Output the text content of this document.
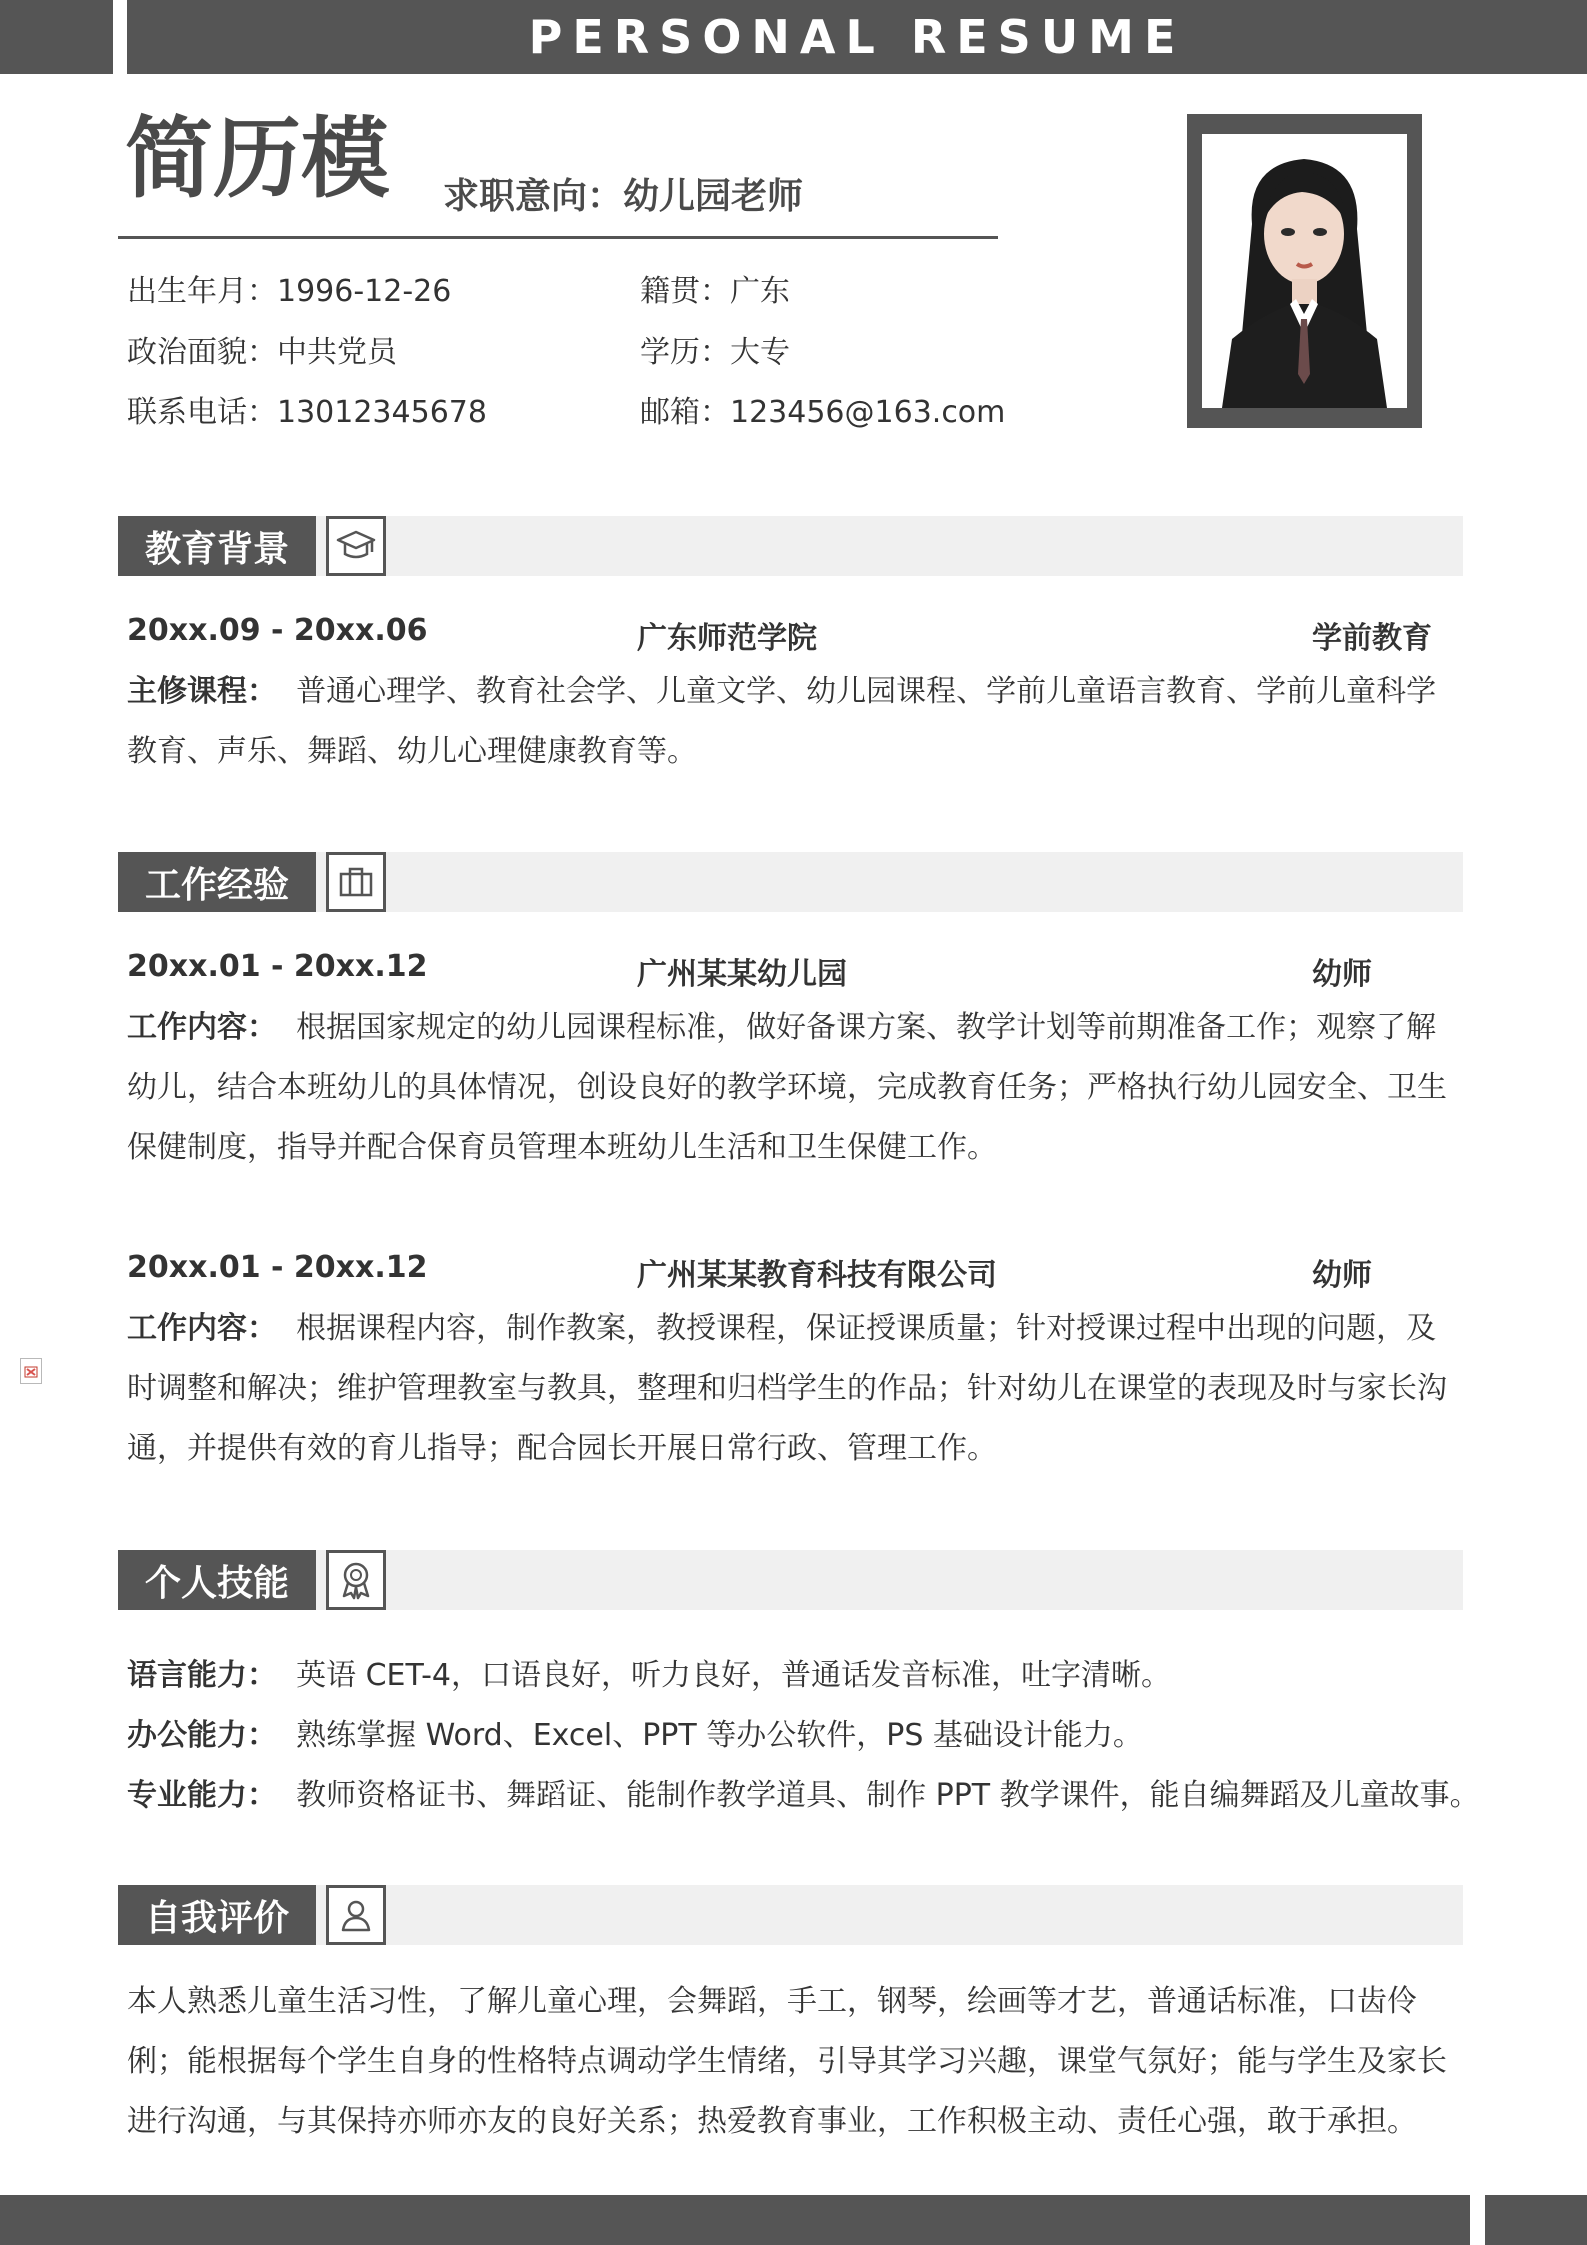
PERSONAL RESUME
简历模 求职意向：幼儿园老师
出生年月：1996-12-26	籍贯：广东
政治面貌：中共党员	学历：大专
联系电话：13012345678	邮箱：123456@163.com
教育背景
20xx.09 - 20xx.06	广东师范学院	学前教育
主修课程： 普通心理学、教育社会学、儿童文学、幼儿园课程、学前儿童语言教育、学前儿童科学教育、声乐、舞蹈、幼儿心理健康教育等。
工作经验
20xx.01 - 20xx.12	广州某某幼儿园	幼师
工作内容： 根据国家规定的幼儿园课程标准，做好备课方案、教学计划等前期准备工作；观察了解幼儿，结合本班幼儿的具体情况，创设良好的教学环境，完成教育任务；严格执行幼儿园安全、卫生保健制度，指导并配合保育员管理本班幼儿生活和卫生保健工作。
20xx.01 - 20xx.12	广州某某教育科技有限公司	幼师
工作内容： 根据课程内容，制作教案，教授课程，保证授课质量；针对授课过程中出现的问题，及时调整和解决；维护管理教室与教具，整理和归档学生的作品；针对幼儿在课堂的表现及时与家长沟通，并提供有效的育儿指导；配合园长开展日常行政、管理工作。
个人技能
语言能力： 英语 CET-4，口语良好，听力良好，普通话发音标准，吐字清晰。
办公能力： 熟练掌握 Word、Excel、PPT 等办公软件，PS 基础设计能力。
专业能力： 教师资格证书、舞蹈证、能制作教学道具、制作 PPT 教学课件，能自编舞蹈及儿童故事。
自我评价
本人熟悉儿童生活习性，了解儿童心理，会舞蹈，手工，钢琴，绘画等才艺，普通话标准，口齿伶俐；能根据每个学生自身的性格特点调动学生情绪，引导其学习兴趣，课堂气氛好；能与学生及家长进行沟通，与其保持亦师亦友的良好关系；热爱教育事业，工作积极主动、责任心强，敢于承担。
